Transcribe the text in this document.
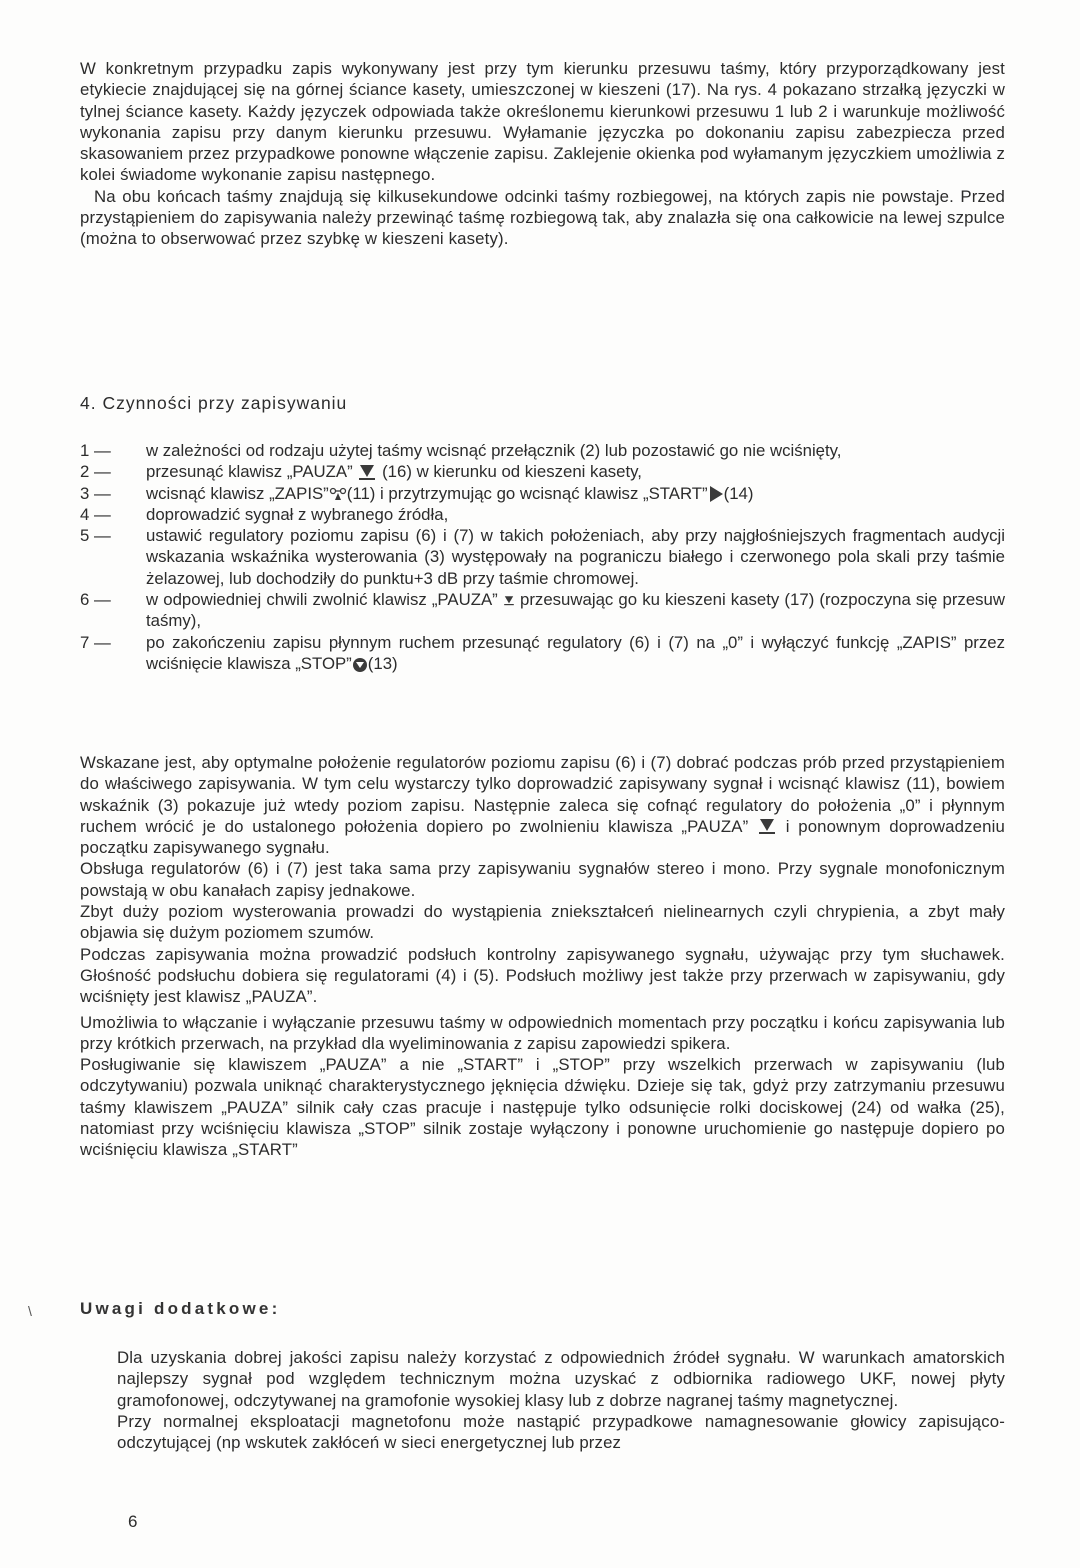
W konkretnym przypadku zapis wykonywany jest przy tym kierunku przesuwu taśmy, który przyporządkowany jest etykiecie znajdującej się na górnej ściance kasety, umieszczonej w kieszeni (17). Na rys. 4 pokazano strzałką języczki w tylnej ściance kasety. Każdy języczek odpowiada także określonemu kierunkowi przesuwu 1 lub 2 i warunkuje możliwość wykonania zapisu przy danym kierunku przesuwu. Wyłamanie języczka po dokonaniu zapisu zabezpiecza przed skasowaniem przez przypadkowe ponowne włączenie zapisu. Zaklejenie okienka pod wyłamanym języczkiem umożliwia z kolei świadome wykonanie zapisu następnego.

Na obu końcach taśmy znajdują się kilkusekundowe odcinki taśmy rozbiegowej, na których zapis nie powstaje. Przed przystąpieniem do zapisywania należy przewinąć taśmę rozbiegową tak, aby znalazła się ona całkowicie na lewej szpulce (można to obserwować przez szybkę w kieszeni kasety).

4. Czynności przy zapisywaniu
1 —	w zależności od rodzaju użytej taśmy wcisnąć przełącznik (2) lub pozostawić go nie wciśnięty,
2 —	przesunąć klawisz „PAUZA” (16) w kierunku od kieszeni kasety,
3 —	wcisnąć klawisz „ZAPIS” (11) i przytrzymując go wcisnąć klawisz „START” (14)
4 —	doprowadzić sygnał z wybranego źródła,
5 —	ustawić regulatory poziomu zapisu (6) i (7) w takich położeniach, aby przy najgłośniejszych fragmentach audycji wskazania wskaźnika wysterowania (3) występowały na pograniczu białego i czerwonego pola skali przy taśmie żelazowej, lub dochodziły do punktu+3 dB przy taśmie chromowej.
6 —	w odpowiedniej chwili zwolnić klawisz „PAUZA” przesuwając go ku kieszeni kasety (17) (rozpoczyna się przesuw taśmy),
7 —	po zakończeniu zapisu płynnym ruchem przesunąć regulatory (6) i (7) na „0” i wyłączyć funkcję „ZAPIS” przez wciśnięcie klawisza „STOP” (13)

Wskazane jest, aby optymalne położenie regulatorów poziomu zapisu (6) i (7) dobrać podczas prób przed przystąpieniem do właściwego zapisywania. W tym celu wystarczy tylko doprowadzić zapisywany sygnał i wcisnąć klawisz (11), bowiem wskaźnik (3) pokazuje już wtedy poziom zapisu. Następnie zaleca się cofnąć regulatory do położenia „0” i płynnym ruchem wrócić je do ustalonego położenia dopiero po zwolnieniu klawisza „PAUZA” i ponownym doprowadzeniu początku zapisywanego sygnału.

Obsługa regulatorów (6) i (7) jest taka sama przy zapisywaniu sygnałów stereo i mono. Przy sygnale monofonicznym powstają w obu kanałach zapisy jednakowe.

Zbyt duży poziom wysterowania prowadzi do wystąpienia zniekształceń nielinearnych czyli chrypienia, a zbyt mały objawia się dużym poziomem szumów.

Podczas zapisywania można prowadzić podsłuch kontrolny zapisywanego sygnału, używając przy tym słuchawek. Głośność podsłuchu dobiera się regulatorami (4) i (5). Podsłuch możliwy jest także przy przerwach w zapisywaniu, gdy wciśnięty jest klawisz „PAUZA”.

Umożliwia to włączanie i wyłączanie przesuwu taśmy w odpowiednich momentach przy początku i końcu zapisywania lub przy krótkich przerwach, na przykład dla wyeliminowania z zapisu zapowiedzi spikera.

Posługiwanie się klawiszem „PAUZA” a nie „START” i „STOP” przy wszelkich przerwach w zapisywaniu (lub odczytywaniu) pozwala uniknąć charakterystycznego jęknięcia dźwięku. Dzieje się tak, gdyż przy zatrzymaniu przesuwu taśmy klawiszem „PAUZA” silnik cały czas pracuje i następuje tylko odsunięcie rolki dociskowej (24) od wałka (25), natomiast przy wciśnięciu klawisza „STOP” silnik zostaje wyłączony i ponowne uruchomienie go następuje dopiero po wciśnięciu klawisza „START”

\	Uwagi dodatkowe:

Dla uzyskania dobrej jakości zapisu należy korzystać z odpowiednich źródeł sygnału. W warunkach amatorskich najlepszy sygnał pod względem technicznym można uzyskać z odbiornika radiowego UKF, nowej płyty gramofonowej, odczytywanej na gramofonie wysokiej klasy lub z dobrze nagranej taśmy magnetycznej.

Przy normalnej eksploatacji magnetofonu może nastąpić przypadkowe namagnesowanie głowicy zapisująco-odczytującej (np wskutek zakłóceń w sieci energetycznej lub przez

6
